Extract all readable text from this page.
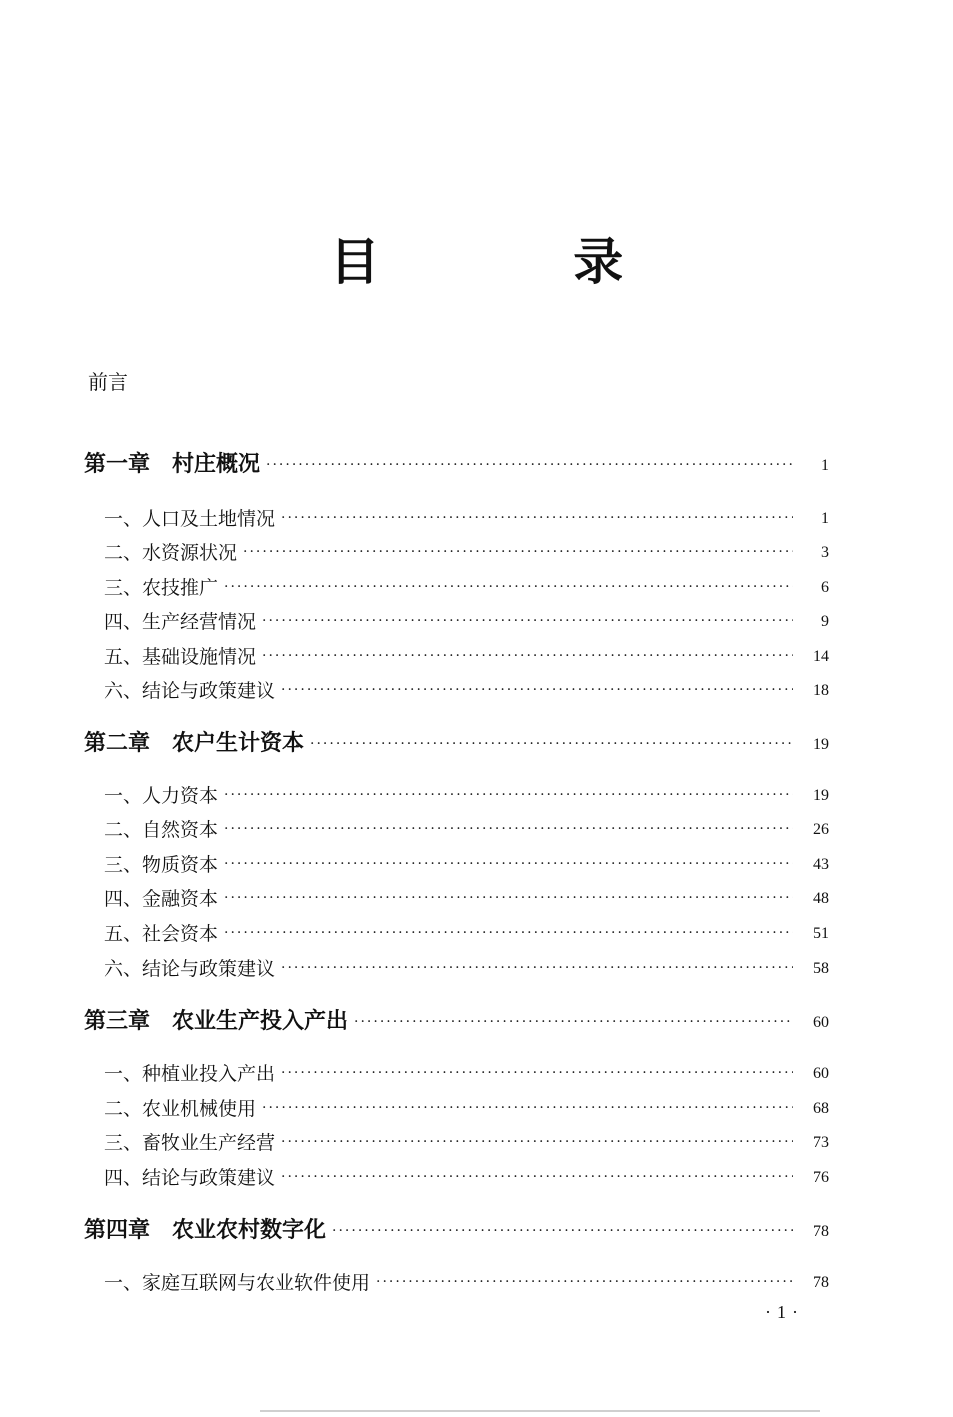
目 录
前言
第一章　村庄概况 ·····	1
一、人口及土地情况 ·····	1
二、水资源状况 ·····	3
三、农技推广 ·····	6
四、生产经营情况 ·····	9
五、基础设施情况 ·····	14
六、结论与政策建议 ·····	18
第二章　农户生计资本 ·····	19
一、人力资本 ·····	19
二、自然资本 ·····	26
三、物质资本 ·····	43
四、金融资本 ·····	48
五、社会资本 ·····	51
六、结论与政策建议 ·····	58
第三章　农业生产投入产出 ·····	60
一、种植业投入产出 ·····	60
二、农业机械使用 ·····	68
三、畜牧业生产经营 ·····	73
四、结论与政策建议 ·····	76
第四章　农业农村数字化 ·····	78
一、家庭互联网与农业软件使用 ·····	78
·1·
